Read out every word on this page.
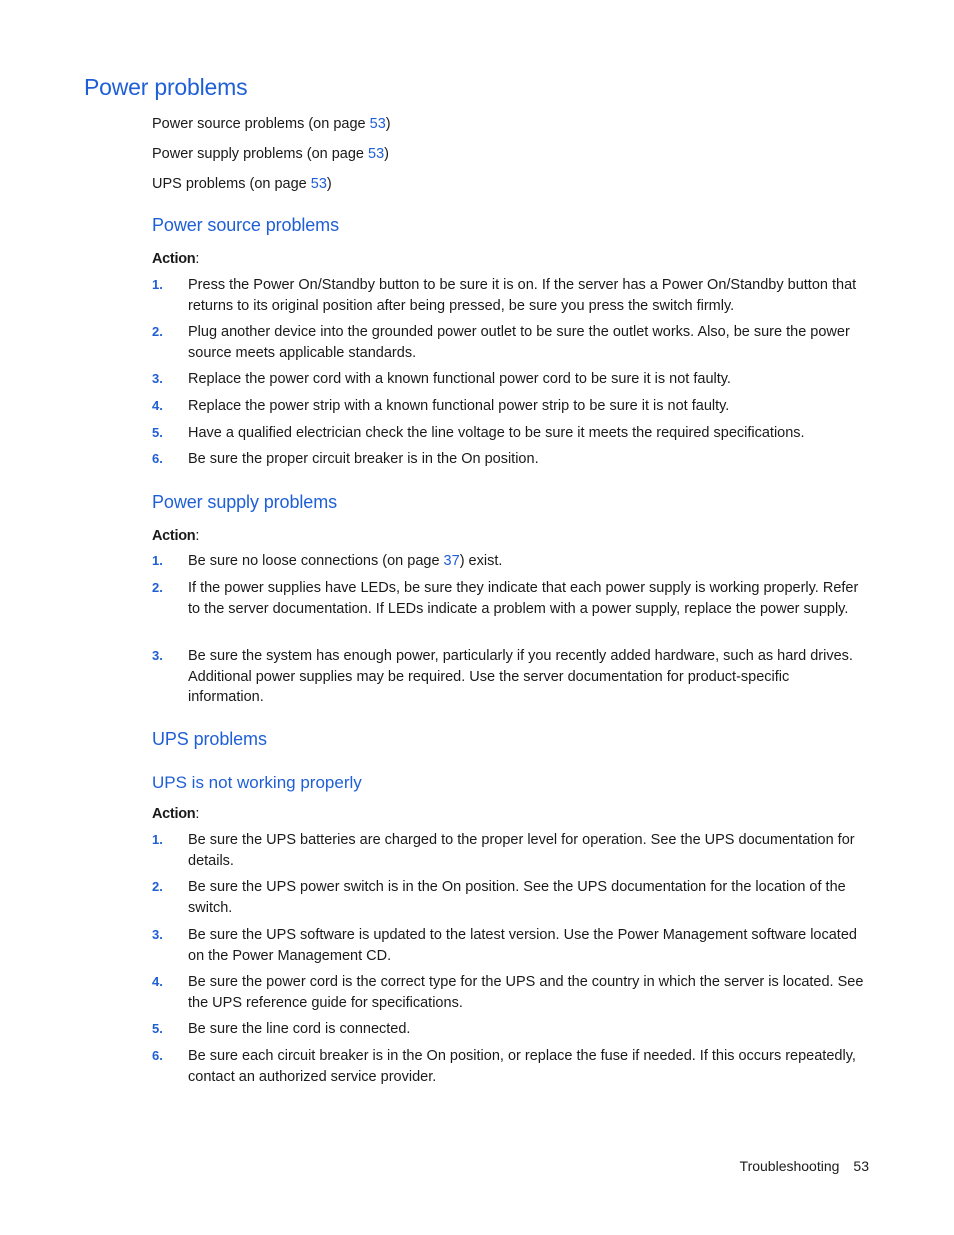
Power problems

Power source problems (on page 53)

Power supply problems (on page 53)

UPS problems (on page 53)

Power source problems

Action:

1.	Press the Power On/Standby button to be sure it is on. If the server has a Power On/Standby button that returns to its original position after being pressed, be sure you press the switch firmly.
2.	Plug another device into the grounded power outlet to be sure the outlet works. Also, be sure the power source meets applicable standards.
3.	Replace the power cord with a known functional power cord to be sure it is not faulty.
4.	Replace the power strip with a known functional power strip to be sure it is not faulty.
5.	Have a qualified electrician check the line voltage to be sure it meets the required specifications.
6.	Be sure the proper circuit breaker is in the On position.
Power supply problems

Action:

1.	Be sure no loose connections (on page 37) exist.
2.	If the power supplies have LEDs, be sure they indicate that each power supply is working properly. Refer to the server documentation. If LEDs indicate a problem with a power supply, replace the power supply.
3.	Be sure the system has enough power, particularly if you recently added hardware, such as hard drives. Additional power supplies may be required. Use the server documentation for product-specific information.
UPS problems
UPS is not working properly

Action:

1.	Be sure the UPS batteries are charged to the proper level for operation. See the UPS documentation for details.
2.	Be sure the UPS power switch is in the On position. See the UPS documentation for the location of the switch.
3.	Be sure the UPS software is updated to the latest version. Use the Power Management software located on the Power Management CD.
4.	Be sure the power cord is the correct type for the UPS and the country in which the server is located. See the UPS reference guide for specifications.
5.	Be sure the line cord is connected.
6.	Be sure each circuit breaker is in the On position, or replace the fuse if needed. If this occurs repeatedly, contact an authorized service provider.
Troubleshooting 53
